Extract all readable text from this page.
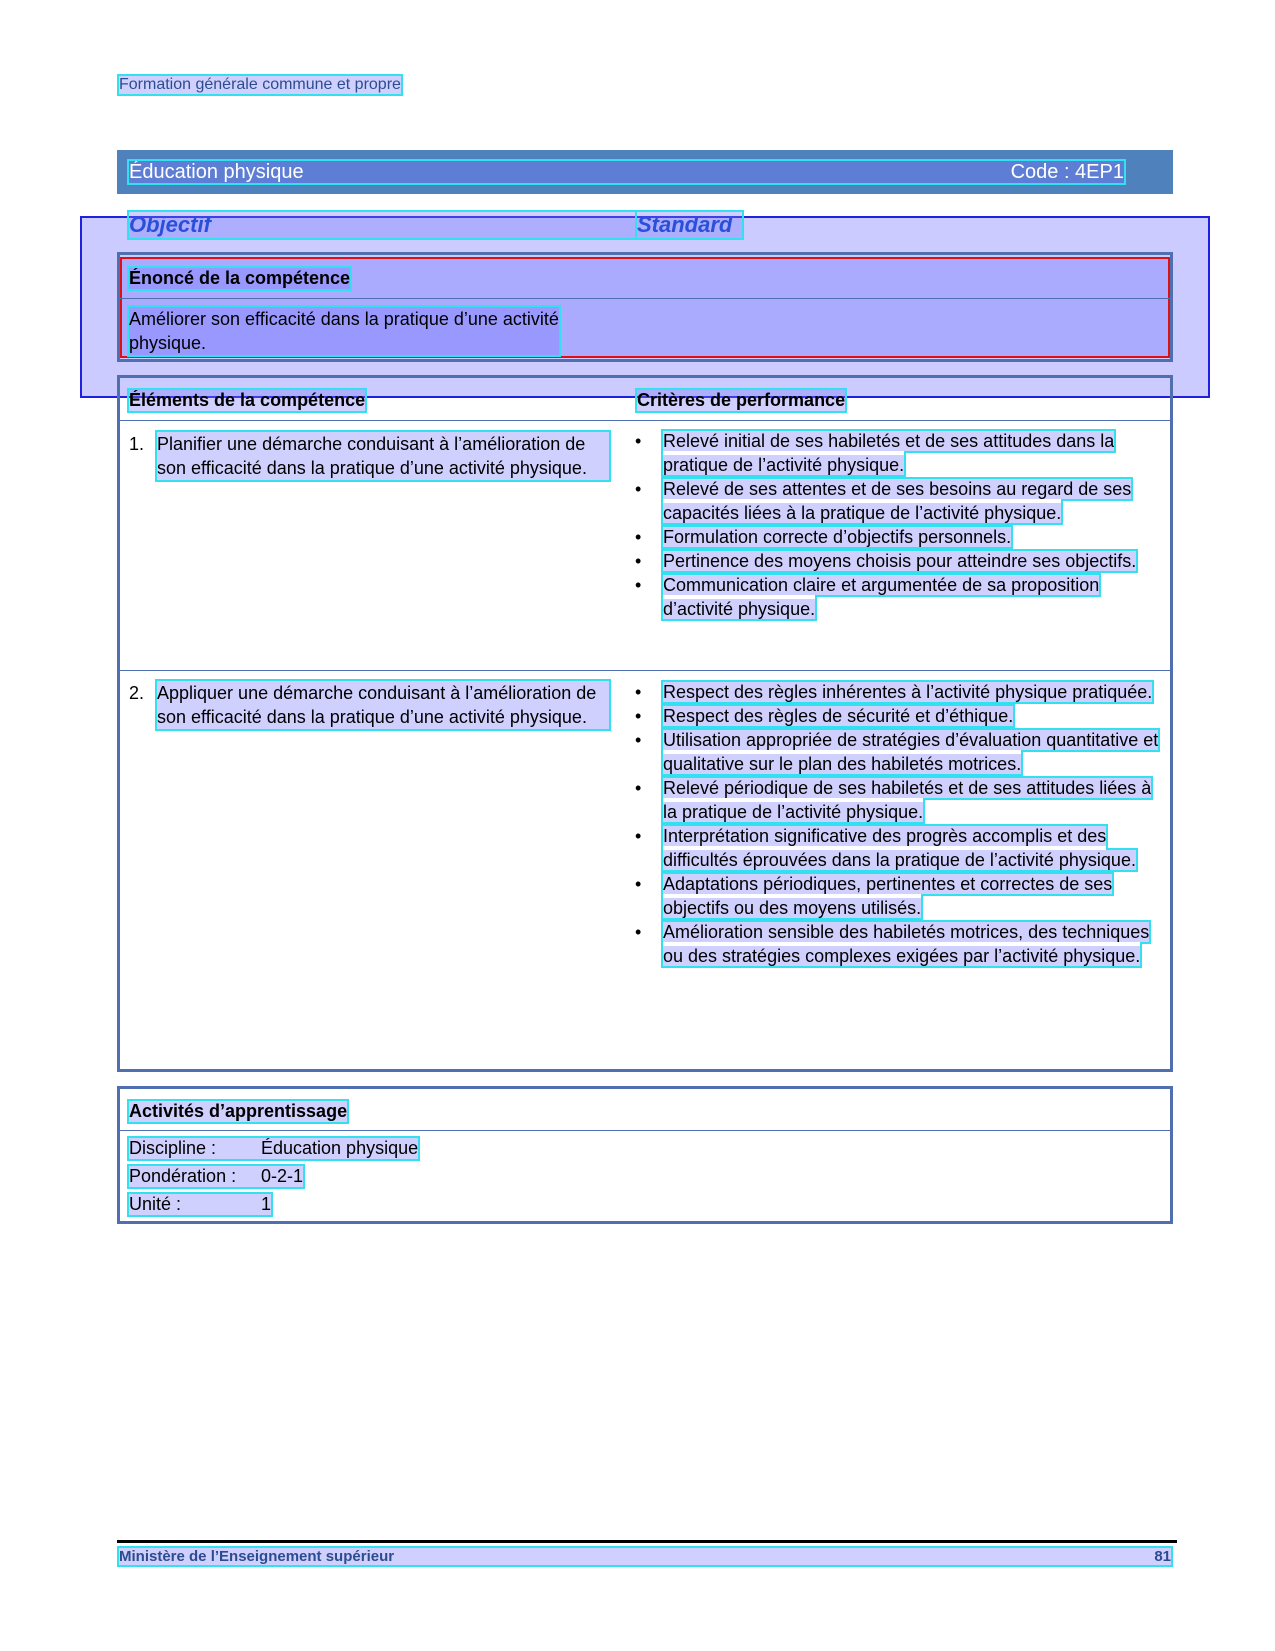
Formation générale commune et propre
Éducation physique	Code : 4EP1
Objectif	Standard
Énoncé de la compétence
Améliorer son efficacité dans la pratique d’une activité physique.
Éléments de la compétence	Critères de performance
1. Planifier une démarche conduisant à l’amélioration de son efficacité dans la pratique d’une activité physique.
• Relevé initial de ses habiletés et de ses attitudes dans la pratique de l’activité physique.
• Relevé de ses attentes et de ses besoins au regard de ses capacités liées à la pratique de l’activité physique.
• Formulation correcte d’objectifs personnels.
• Pertinence des moyens choisis pour atteindre ses objectifs.
• Communication claire et argumentée de sa proposition d’activité physique.
2. Appliquer une démarche conduisant à l’amélioration de son efficacité dans la pratique d’une activité physique.
• Respect des règles inhérentes à l’activité physique pratiquée.
• Respect des règles de sécurité et d’éthique.
• Utilisation appropriée de stratégies d’évaluation quantitative et qualitative sur le plan des habiletés motrices.
• Relevé périodique de ses habiletés et de ses attitudes liées à la pratique de l’activité physique.
• Interprétation significative des progrès accomplis et des difficultés éprouvées dans la pratique de l’activité physique.
• Adaptations périodiques, pertinentes et correctes de ses objectifs ou des moyens utilisés.
• Amélioration sensible des habiletés motrices, des techniques ou des stratégies complexes exigées par l’activité physique.
Activités d’apprentissage
Discipline : Éducation physique
Pondération : 0-2-1
Unité :	1
Ministère de l’Enseignement supérieur	81
